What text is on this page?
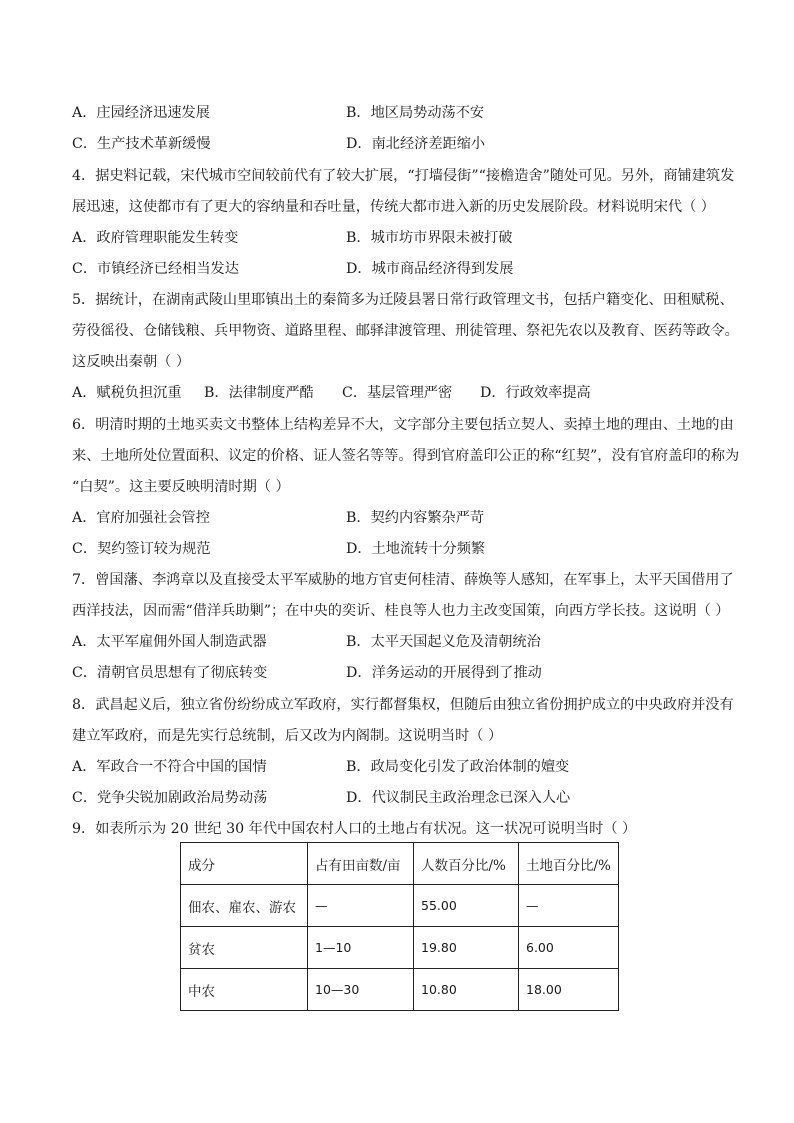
A．庄园经济迅速发展	B．地区局势动荡不安
C．生产技术革新缓慢	D．南北经济差距缩小
4．据史料记载，宋代城市空间较前代有了较大扩展，“打墙侵街”“接檐造舍”随处可见。另外，商铺建筑发
展迅速，这使都市有了更大的容纳量和吞吐量，传统大都市进入新的历史发展阶段。材料说明宋代（ ）
A．政府管理职能发生转变	B．城市坊市界限未被打破
C．市镇经济已经相当发达	D．城市商品经济得到发展
5．据统计，在湖南武陵山里耶镇出土的秦简多为迁陵县署日常行政管理文书，包括户籍变化、田租赋税、
劳役徭役、仓储钱粮、兵甲物资、道路里程、邮驿津渡管理、刑徒管理、祭祀先农以及教育、医药等政令。
这反映出秦朝（ ）
A．赋税负担沉重 B．法律制度严酷 C．基层管理严密 D．行政效率提高
6．明清时期的土地买卖文书整体上结构差异不大，文字部分主要包括立契人、卖掉土地的理由、土地的由
来、土地所处位置面积、议定的价格、证人签名等等。得到官府盖印公正的称“红契”，没有官府盖印的称为
“白契”。这主要反映明清时期（ ）
A．官府加强社会管控	B．契约内容繁杂严苛
C．契约签订较为规范	D．土地流转十分频繁
7．曾国藩、李鸿章以及直接受太平军威胁的地方官吏何桂清、薛焕等人感知，在军事上，太平天国借用了
西洋技法，因而需“借洋兵助剿”；在中央的奕䜣、桂良等人也力主改变国策，向西方学长技。这说明（ ）
A．太平军雇佣外国人制造武器	B．太平天国起义危及清朝统治
C．清朝官员思想有了彻底转变	D．洋务运动的开展得到了推动
8．武昌起义后，独立省份纷纷成立军政府，实行都督集权，但随后由独立省份拥护成立的中央政府并没有
建立军政府，而是先实行总统制，后又改为内阁制。这说明当时（ ）
A．军政合一不符合中国的国情	B．政局变化引发了政治体制的嬗变
C．党争尖锐加剧政治局势动荡	D．代议制民主政治理念已深入人心
9．如表所示为 20 世纪 30 年代中国农村人口的土地占有状况。这一状况可说明当时（ ）
成分	占有田亩数/亩	人数百分比/%	土地百分比/%
佃农、雇农、游农	—	55.00	—
贫农	1—10	19.80	6.00
中农	10—30	10.80	18.00
